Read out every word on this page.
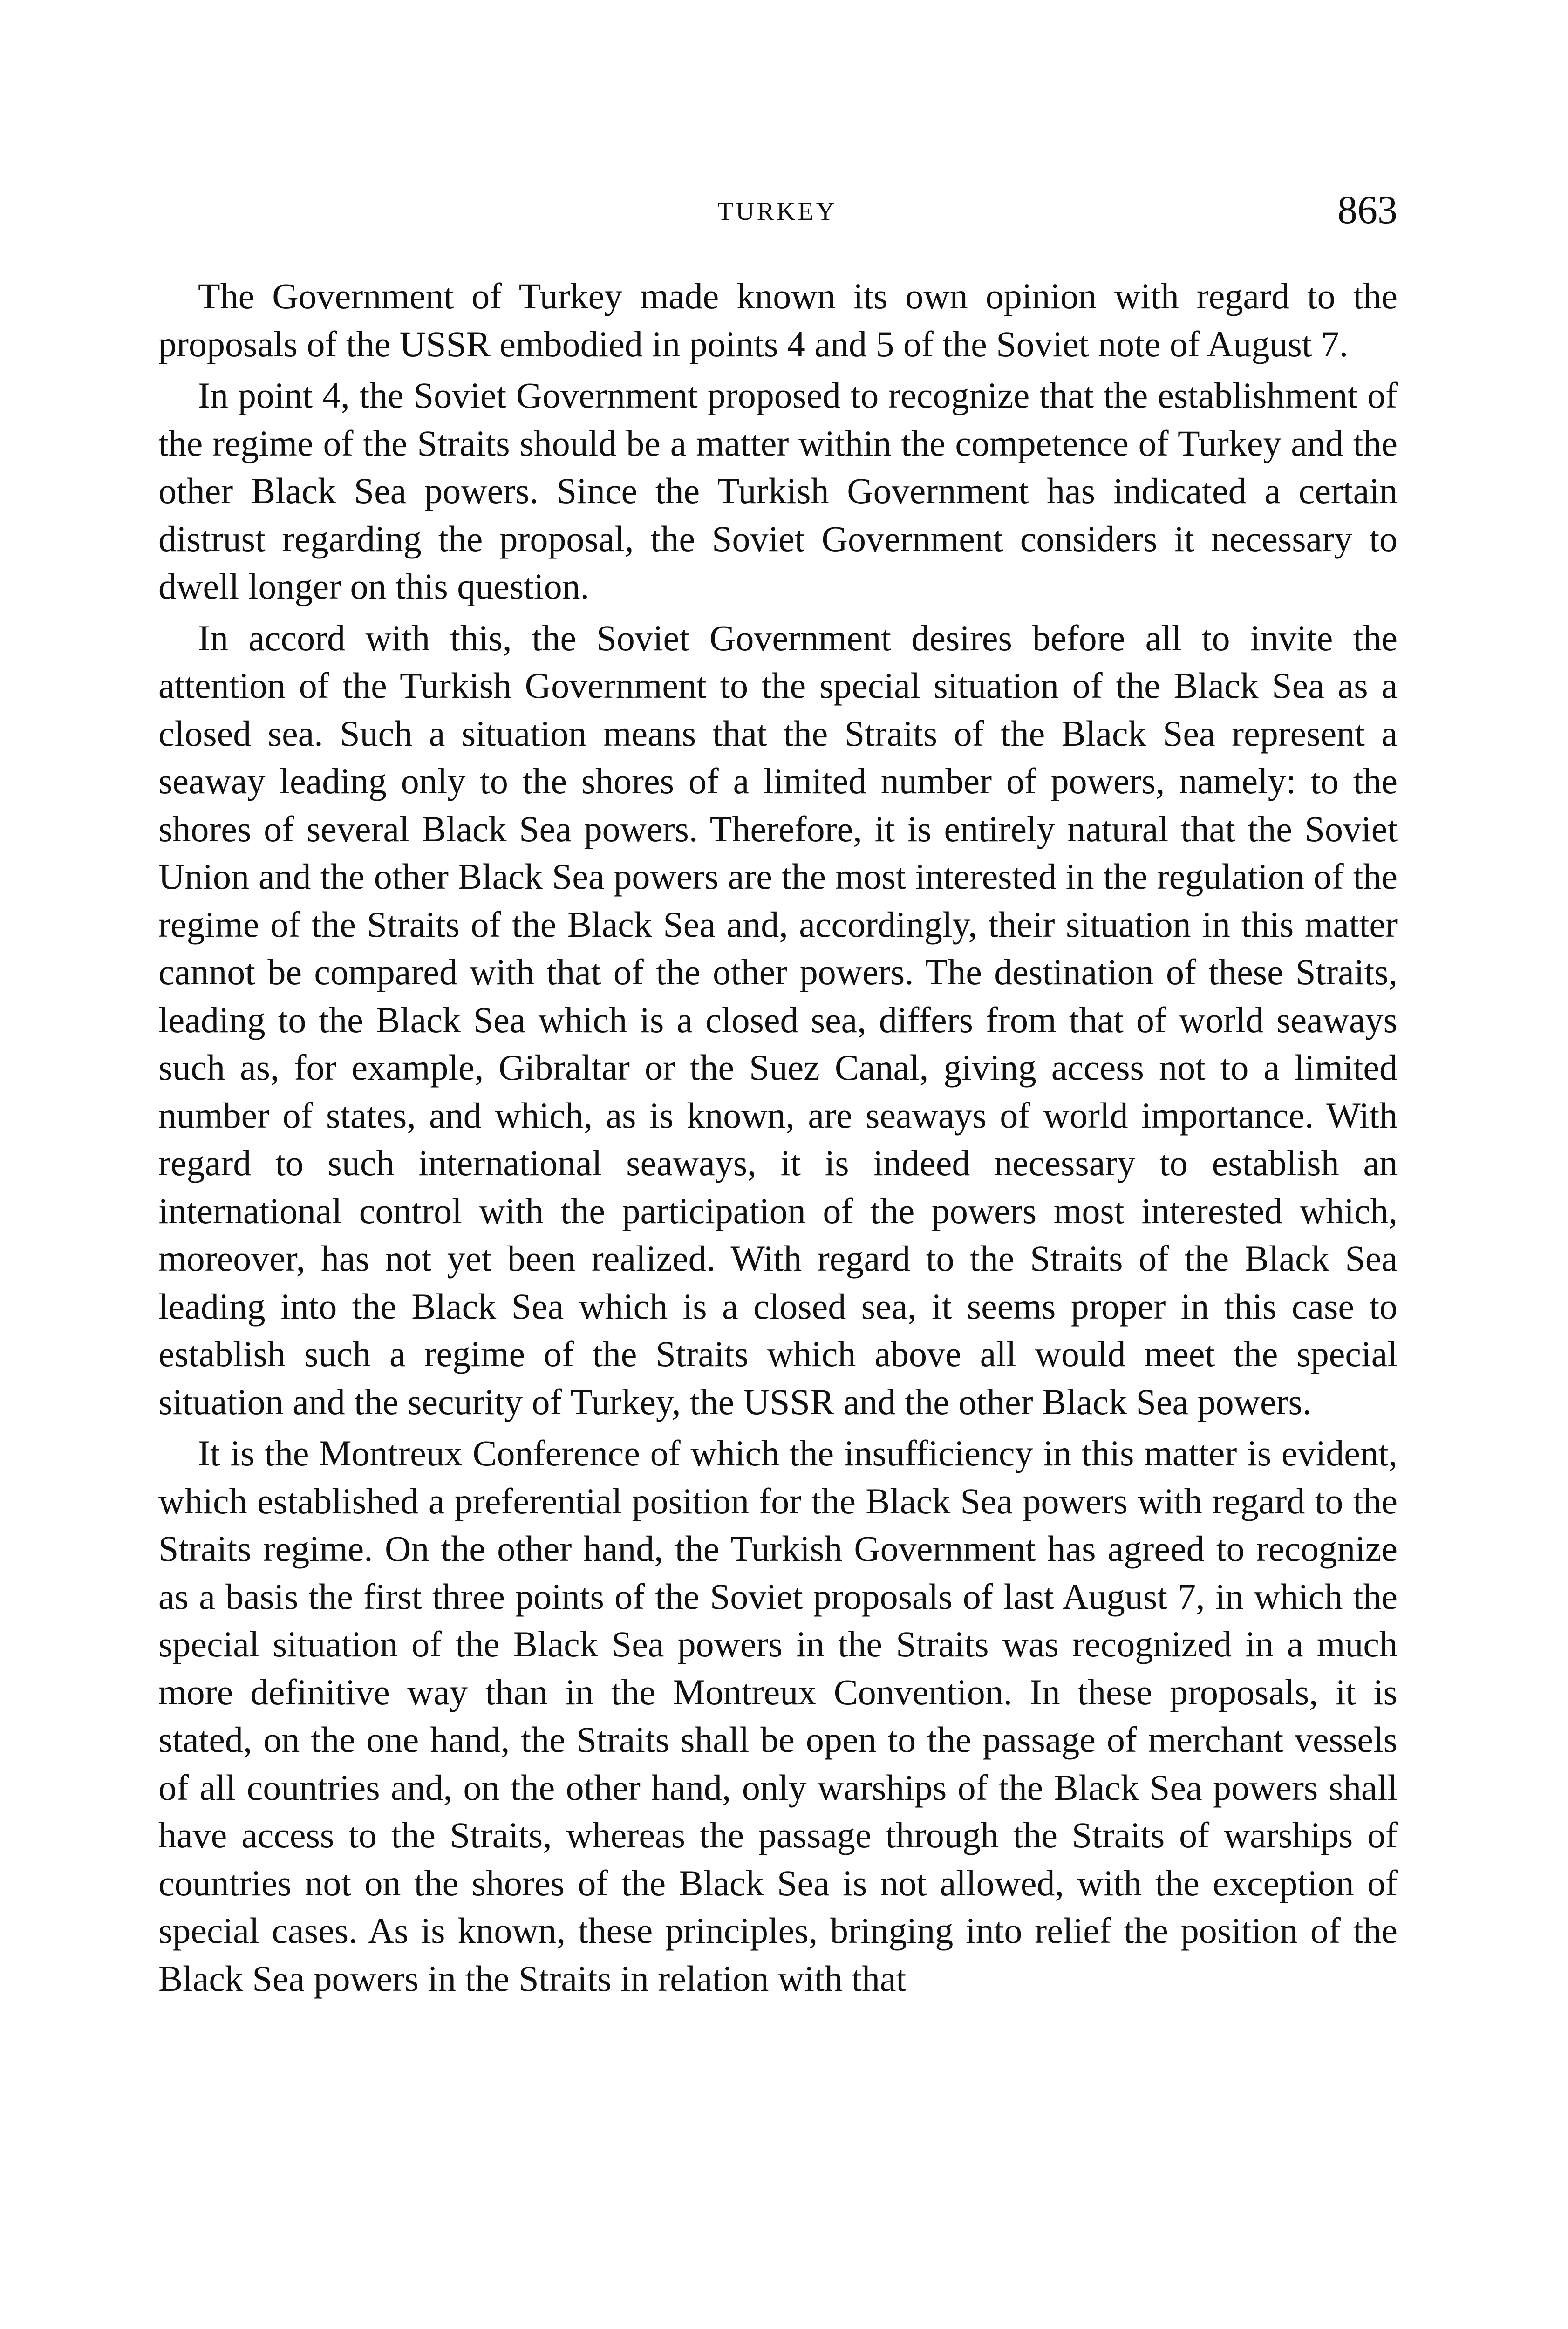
TURKEY	863

The Government of Turkey made known its own opinion with regard to the proposals of the USSR embodied in points 4 and 5 of the Soviet note of August 7.

In point 4, the Soviet Government proposed to recognize that the establishment of the regime of the Straits should be a matter within the competence of Turkey and the other Black Sea powers. Since the Turkish Government has indicated a certain distrust regarding the proposal, the Soviet Government considers it necessary to dwell longer on this question.

In accord with this, the Soviet Government desires before all to invite the attention of the Turkish Government to the special situation of the Black Sea as a closed sea. Such a situation means that the Straits of the Black Sea represent a seaway leading only to the shores of a limited number of powers, namely: to the shores of several Black Sea powers. Therefore, it is entirely natural that the Soviet Union and the other Black Sea powers are the most interested in the regulation of the regime of the Straits of the Black Sea and, accordingly, their situation in this matter cannot be compared with that of the other powers. The destination of these Straits, leading to the Black Sea which is a closed sea, differs from that of world seaways such as, for example, Gibraltar or the Suez Canal, giving access not to a limited number of states, and which, as is known, are seaways of world importance. With regard to such international seaways, it is indeed necessary to establish an international control with the participation of the powers most interested which, moreover, has not yet been realized. With regard to the Straits of the Black Sea leading into the Black Sea which is a closed sea, it seems proper in this case to establish such a regime of the Straits which above all would meet the special situation and the security of Turkey, the USSR and the other Black Sea powers.

It is the Montreux Conference of which the insufficiency in this matter is evident, which established a preferential position for the Black Sea powers with regard to the Straits regime. On the other hand, the Turkish Government has agreed to recognize as a basis the first three points of the Soviet proposals of last August 7, in which the special situation of the Black Sea powers in the Straits was recognized in a much more definitive way than in the Montreux Convention. In these proposals, it is stated, on the one hand, the Straits shall be open to the passage of merchant vessels of all countries and, on the other hand, only warships of the Black Sea powers shall have access to the Straits, whereas the passage through the Straits of warships of countries not on the shores of the Black Sea is not allowed, with the exception of special cases. As is known, these principles, bringing into relief the position of the Black Sea powers in the Straits in relation with that
